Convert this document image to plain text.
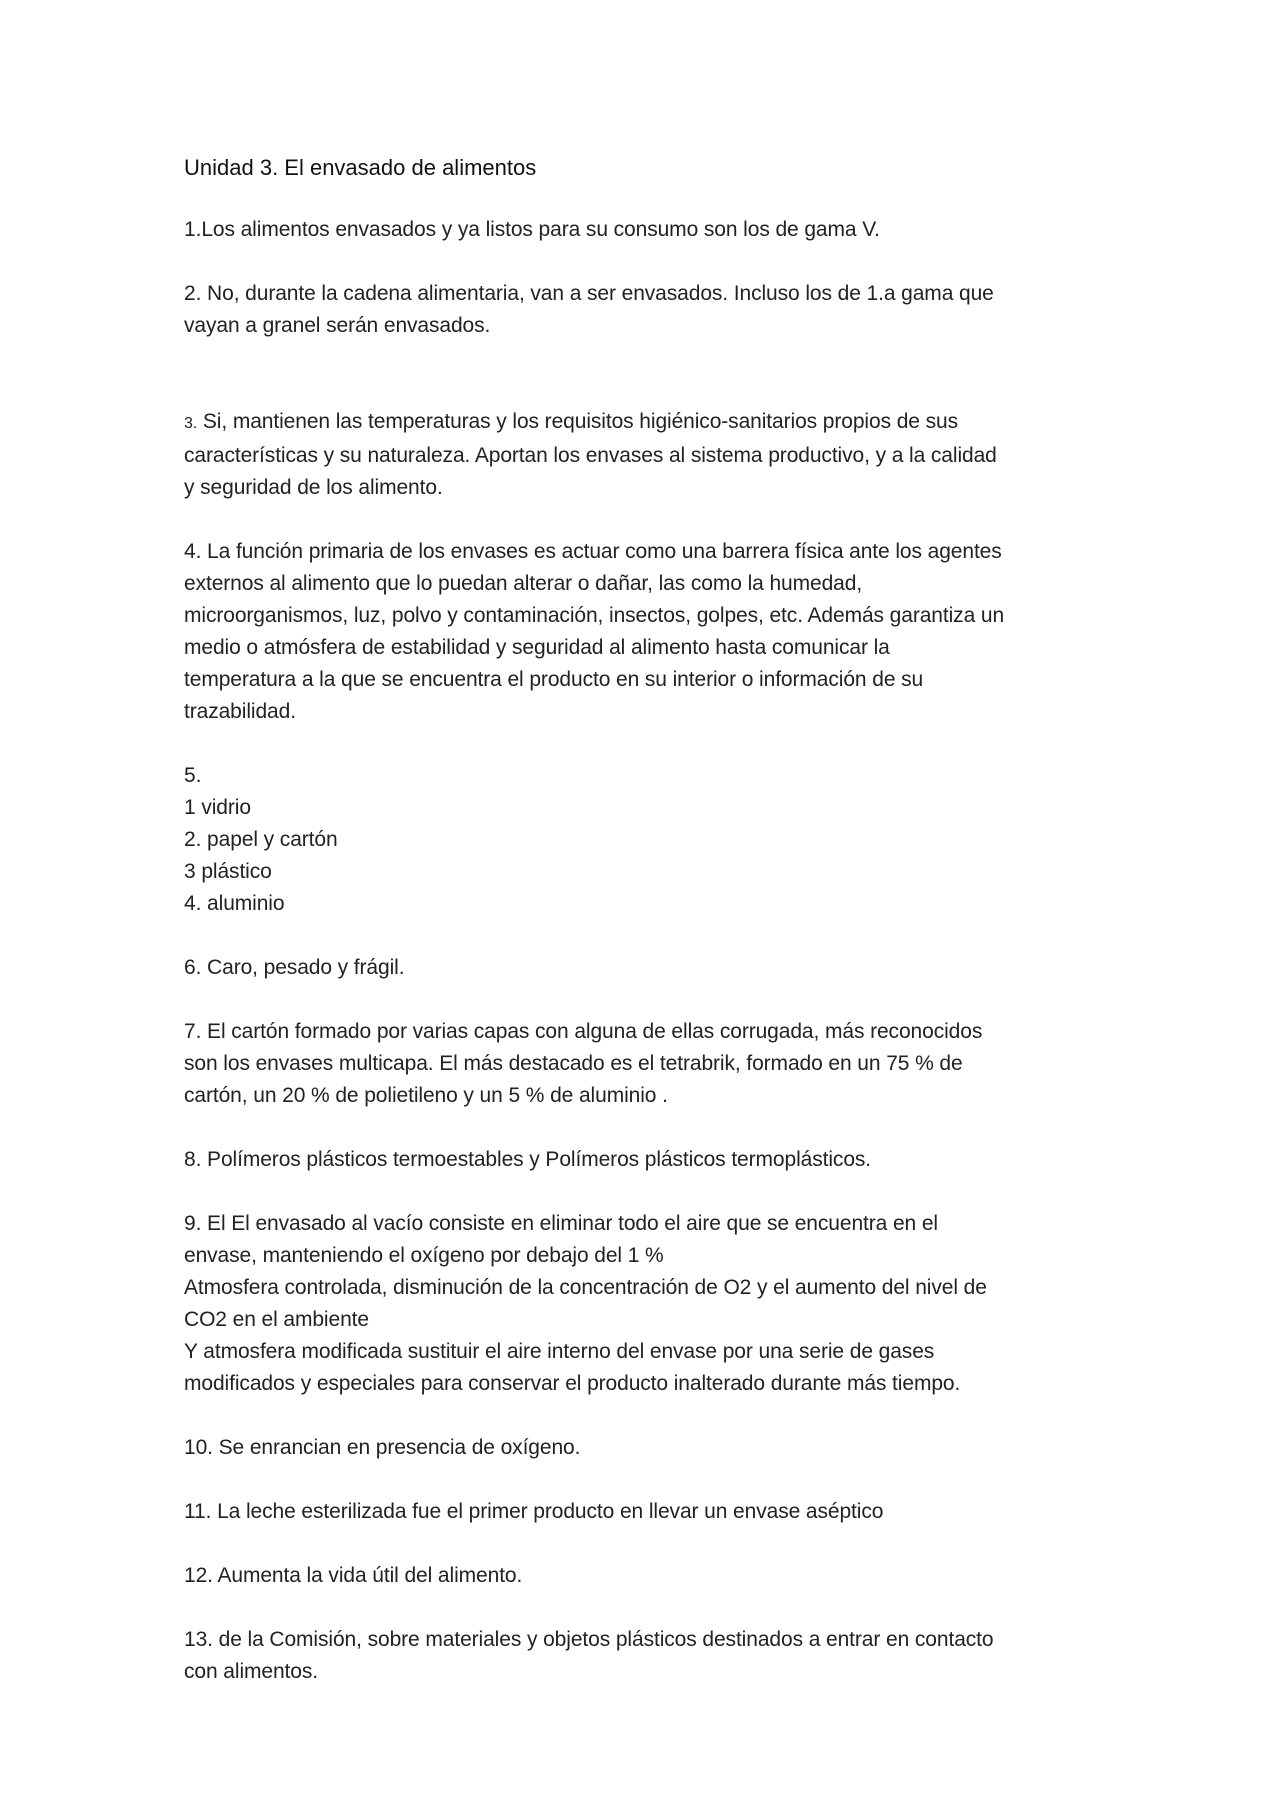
Unidad 3. El envasado de alimentos
1.Los alimentos envasados y ya listos para su consumo son los de gama V.
2. No, durante la cadena alimentaria, van a ser envasados. Incluso los de 1.a gama que
vayan a granel serán envasados.
3. Si, mantienen las temperaturas y los requisitos higiénico-sanitarios propios de sus
características y su naturaleza. Aportan los envases al sistema productivo, y a la calidad
y seguridad de los alimento.
4. La función primaria de los envases es actuar como una barrera física ante los agentes
externos al alimento que lo puedan alterar o dañar, las como la humedad,
microorganismos, luz, polvo y contaminación, insectos, golpes, etc. Además garantiza un
medio o atmósfera de estabilidad y seguridad al alimento hasta comunicar la
temperatura a la que se encuentra el producto en su interior o información de su
trazabilidad.
5.
1 vidrio
2. papel y cartón
3 plástico
4. aluminio
6. Caro, pesado y frágil.
7. El cartón formado por varias capas con alguna de ellas corrugada, más reconocidos
son los envases multicapa. El más destacado es el tetrabrik, formado en un 75 % de
cartón, un 20 % de polietileno y un 5 % de aluminio .
8. Polímeros plásticos termoestables y Polímeros plásticos termoplásticos.
9. El El envasado al vacío consiste en eliminar todo el aire que se encuentra en el
envase, manteniendo el oxígeno por debajo del 1 %
Atmosfera controlada, disminución de la concentración de O2 y el aumento del nivel de
CO2 en el ambiente
Y atmosfera modificada sustituir el aire interno del envase por una serie de gases
modificados y especiales para conservar el producto inalterado durante más tiempo.
10. Se enrancian en presencia de oxígeno.
11. La leche esterilizada fue el primer producto en llevar un envase aséptico
12. Aumenta la vida útil del alimento.
13. de la Comisión, sobre materiales y objetos plásticos destinados a entrar en contacto
con alimentos.
